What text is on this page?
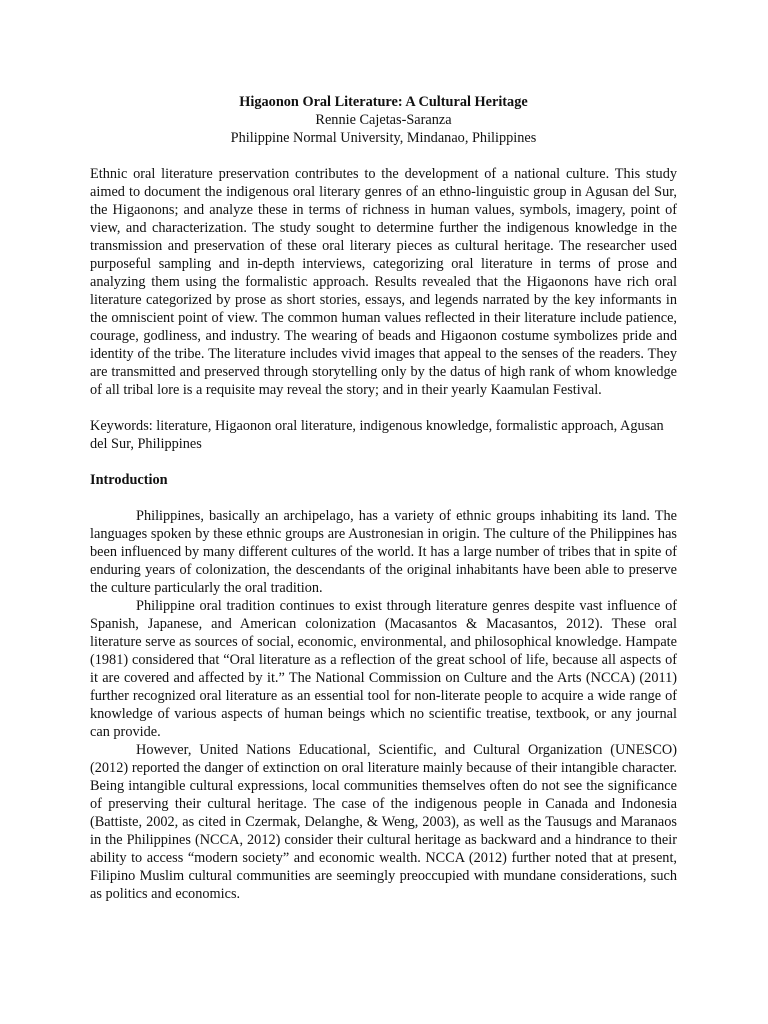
Higaonon Oral Literature: A Cultural Heritage
Rennie Cajetas-Saranza
Philippine Normal University, Mindanao, Philippines

Ethnic oral literature preservation contributes to the development of a national culture. This study aimed to document the indigenous oral literary genres of an ethno-linguistic group in Agusan del Sur, the Higaonons; and analyze these in terms of richness in human values, symbols, imagery, point of view, and characterization. The study sought to determine further the indigenous knowledge in the transmission and preservation of these oral literary pieces as cultural heritage. The researcher used purposeful sampling and in-depth interviews, categorizing oral literature in terms of prose and analyzing them using the formalistic approach. Results revealed that the Higaonons have rich oral literature categorized by prose as short stories, essays, and legends narrated by the key informants in the omniscient point of view. The common human values reflected in their literature include patience, courage, godliness, and industry. The wearing of beads and Higaonon costume symbolizes pride and identity of the tribe. The literature includes vivid images that appeal to the senses of the readers. They are transmitted and preserved through storytelling only by the datus of high rank of whom knowledge of all tribal lore is a requisite may reveal the story; and in their yearly Kaamulan Festival.

Keywords: literature, Higaonon oral literature, indigenous knowledge, formalistic approach, Agusan del Sur, Philippines

Introduction

Philippines, basically an archipelago, has a variety of ethnic groups inhabiting its land. The languages spoken by these ethnic groups are Austronesian in origin. The culture of the Philippines has been influenced by many different cultures of the world. It has a large number of tribes that in spite of enduring years of colonization, the descendants of the original inhabitants have been able to preserve the culture particularly the oral tradition.

Philippine oral tradition continues to exist through literature genres despite vast influence of Spanish, Japanese, and American colonization (Macasantos & Macasantos, 2012). These oral literature serve as sources of social, economic, environmental, and philosophical knowledge. Hampate (1981) considered that “Oral literature as a reflection of the great school of life, because all aspects of it are covered and affected by it.” The National Commission on Culture and the Arts (NCCA) (2011) further recognized oral literature as an essential tool for non-literate people to acquire a wide range of knowledge of various aspects of human beings which no scientific treatise, textbook, or any journal can provide.

However, United Nations Educational, Scientific, and Cultural Organization (UNESCO) (2012) reported the danger of extinction on oral literature mainly because of their intangible character. Being intangible cultural expressions, local communities themselves often do not see the significance of preserving their cultural heritage. The case of the indigenous people in Canada and Indonesia (Battiste, 2002, as cited in Czermak, Delanghe, & Weng, 2003), as well as the Tausugs and Maranaos in the Philippines (NCCA, 2012) consider their cultural heritage as backward and a hindrance to their ability to access “modern society” and economic wealth. NCCA (2012) further noted that at present, Filipino Muslim cultural communities are seemingly preoccupied with mundane considerations, such as politics and economics.
